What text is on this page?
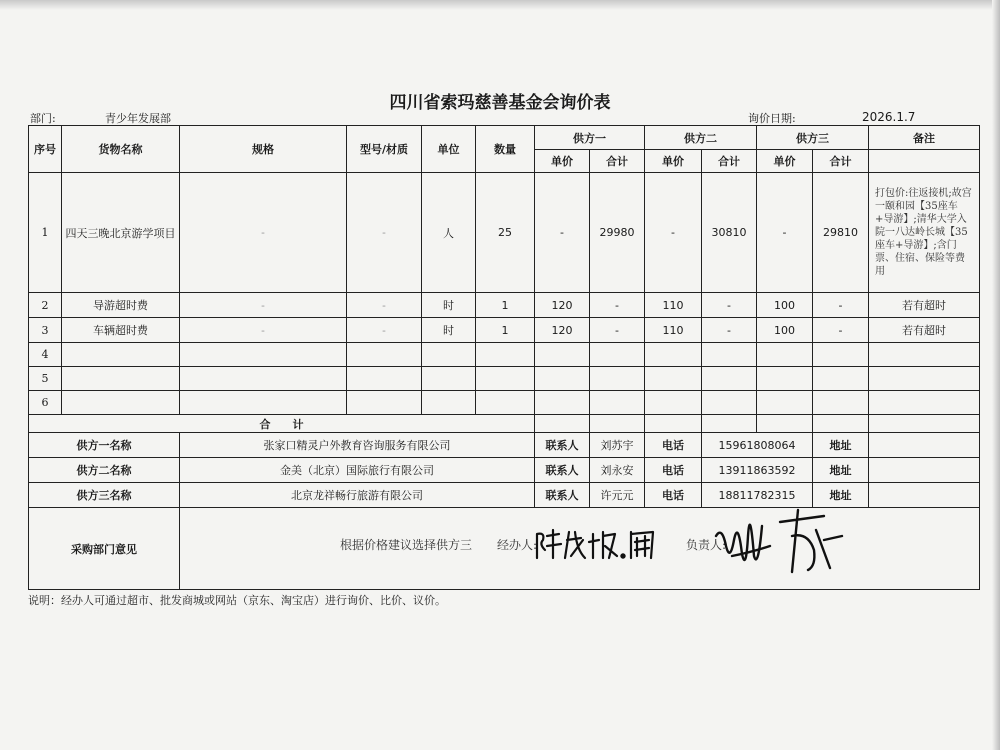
四川省索玛慈善基金会询价表
部门:	青少年发展部	询价日期:	2026.1.7
序号	货物名称	规格	型号/材质	单位	数量	供方一		供方二		供方三		备注
						单价	合计	单价	合计	单价	合计	
1	四天三晚北京游学项目	-	-	人	25	-	29980	-	30810	-	29810	打包价:往返接机;故宫一颐和园【35座车+导游】;清华大学入院一八达岭长城【35 座车+导游】;含门票、住宿、保险等费用
2	导游超时费	-	-	时	1	120	-	110	-	100	-	若有超时
3	车辆超时费	-	-	时	1	120	-	110	-	100	-	若有超时
4												
5												
6												
合　　计												
供方一名称		张家口精灵户外教育咨询服务有限公司				联系人	刘苏宇	电话	15961808064		地址	
供方二名称		金美（北京）国际旅行有限公司				联系人	刘永安	电话	13911863592		地址	
供方三名称		北京龙祥畅行旅游有限公司				联系人	许元元	电话	18811782315		地址	
采购部门意见													根据价格建议选择供方三 经办人:	负责人:
说明：经办人可通过超市、批发商城或网站（京东、淘宝店）进行询价、比价、议价。
